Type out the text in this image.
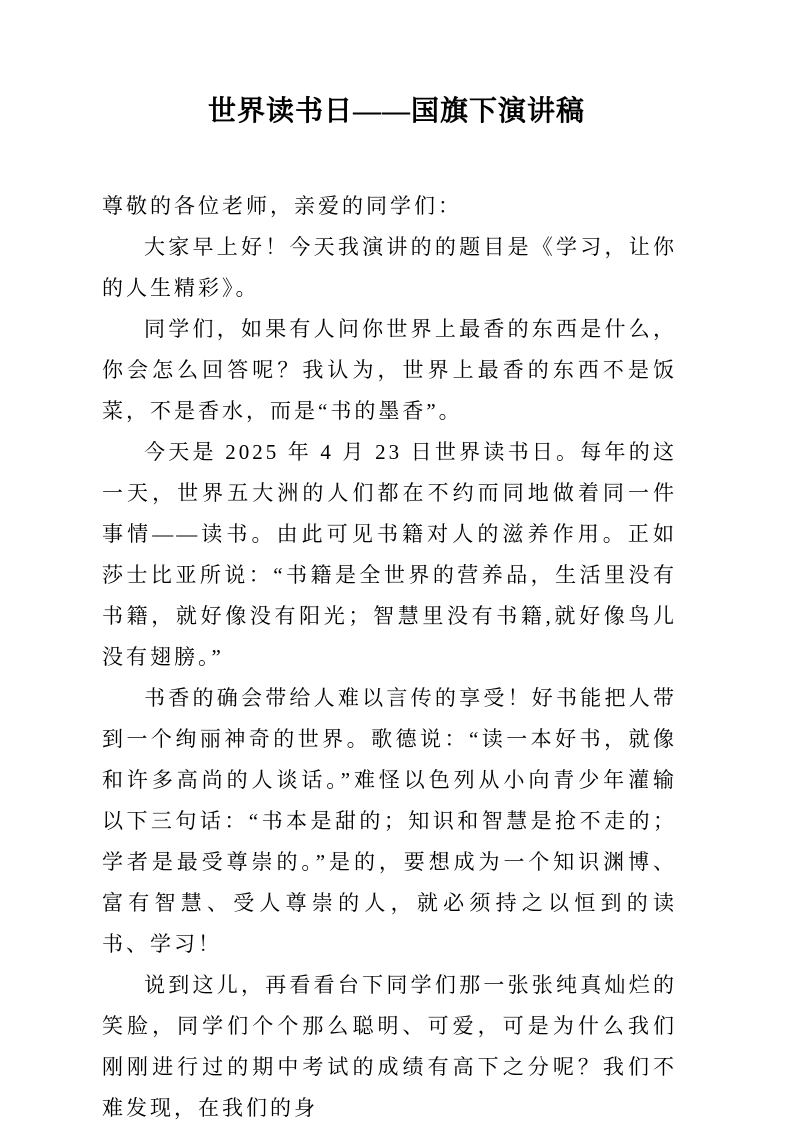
世界读书日——国旗下演讲稿

尊敬的各位老师，亲爱的同学们：

大家早上好！今天我演讲的的题目是《学习，让你的人生精彩》。

同学们，如果有人问你世界上最香的东西是什么，你会怎么回答呢？我认为，世界上最香的东西不是饭菜，不是香水，而是“书的墨香”。

今天是 2025 年 4 月 23 日世界读书日。每年的这一天，世界五大洲的人们都在不约而同地做着同一件事情——读书。由此可见书籍对人的滋养作用。正如莎士比亚所说：“书籍是全世界的营养品，生活里没有书籍，就好像没有阳光；智慧里没有书籍,就好像鸟儿没有翅膀。”

书香的确会带给人难以言传的享受！好书能把人带到一个绚丽神奇的世界。歌德说：“读一本好书，就像和许多高尚的人谈话。”难怪以色列从小向青少年灌输以下三句话：“书本是甜的；知识和智慧是抢不走的；学者是最受尊崇的。”是的，要想成为一个知识渊博、富有智慧、受人尊崇的人，就必须持之以恒到的读书、学习！

说到这儿，再看看台下同学们那一张张纯真灿烂的笑脸，同学们个个那么聪明、可爱，可是为什么我们刚刚进行过的期中考试的成绩有高下之分呢？我们不难发现，在我们的身
